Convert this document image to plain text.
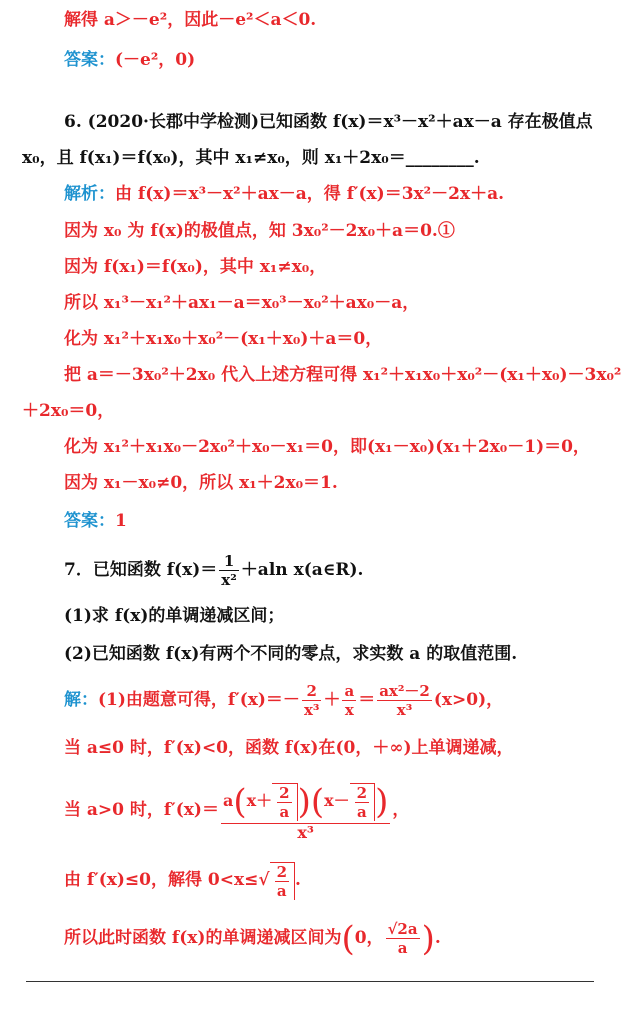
解得 a＞－e²，因此－e²＜a＜0.
答案：(－e²，0)
6. (2020·长郡中学检测)已知函数 f(x)＝x³－x²＋ax－a 存在极值点
x₀，且 f(x₁)＝f(x₀)，其中 x₁≠x₀，则 x₁＋2x₀＝________.
解析：由 f(x)＝x³－x²＋ax－a，得 f′(x)＝3x²－2x＋a.
因为 x₀ 为 f(x)的极值点，知 3x₀²－2x₀＋a＝0.①
因为 f(x₁)＝f(x₀)，其中 x₁≠x₀，
所以 x₁³－x₁²＋ax₁－a＝x₀³－x₀²＋ax₀－a，
化为 x₁²＋x₁x₀＋x₀²－(x₁＋x₀)＋a＝0，
把 a＝－3x₀²＋2x₀ 代入上述方程可得 x₁²＋x₁x₀＋x₀²－(x₁＋x₀)－3x₀²
＋2x₀＝0，
化为 x₁²＋x₁x₀－2x₀²＋x₀－x₁＝0，即(x₁－x₀)(x₁＋2x₀－1)＝0，
因为 x₁－x₀≠0，所以 x₁＋2x₀＝1.
答案：1
7．已知函数 $f(x)= \frac{1}{\text{x²}} +aln$ x(a∈R).
(1)求 f(x)的单调递减区间；
(2)已知函数 f(x)有两个不同的零点，求实数 a 的取值范围.
解：(1)由题意可得，$f'(x)=- \frac{2}{\text{x³}} + \frac{a}{x} = \frac{\text{ax²－2}}{\text{x³}} (x>0)$，
当 a≤0 时，f′(x)<0，函数 f(x)在(0，＋∞)上单调递减，
当 a>0 时，$f'(x)= \frac{a(x+ \frac{2}{a} )(x- \frac{2}{a} )}{\text{x³}}$ ，
由 f′(x)≤0，解得 $0<x\le√ \frac{2}{a}$ .
所以此时函数 f(x)的单调递减区间为(0， $\frac{√2a}{a}$ ).
